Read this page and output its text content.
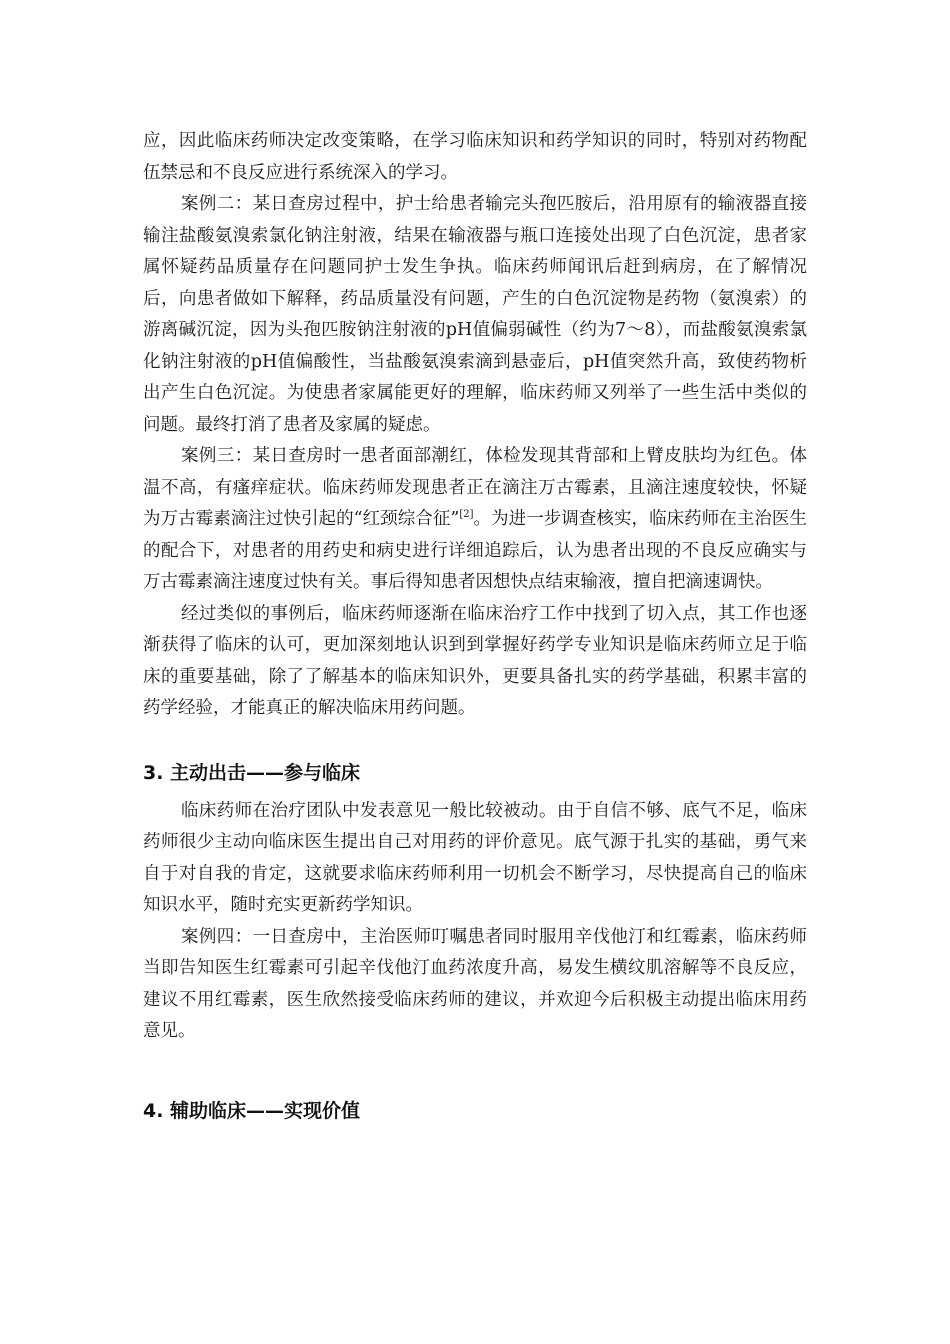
应，因此临床药师决定改变策略，在学习临床知识和药学知识的同时，特别对药物配伍禁忌和不良反应进行系统深入的学习。

案例二：某日查房过程中，护士给患者输完头孢匹胺后，沿用原有的输液器直接输注盐酸氨溴索氯化钠注射液，结果在输液器与瓶口连接处出现了白色沉淀，患者家属怀疑药品质量存在问题同护士发生争执。临床药师闻讯后赶到病房，在了解情况后，向患者做如下解释，药品质量没有问题，产生的白色沉淀物是药物（氨溴索）的游离碱沉淀，因为头孢匹胺钠注射液的pH值偏弱碱性（约为7～8），而盐酸氨溴索氯化钠注射液的pH值偏酸性，当盐酸氨溴索滴到悬壶后，pH值突然升高，致使药物析出产生白色沉淀。为使患者家属能更好的理解，临床药师又列举了一些生活中类似的问题。最终打消了患者及家属的疑虑。

案例三：某日查房时一患者面部潮红，体检发现其背部和上臂皮肤均为红色。体温不高，有瘙痒症状。临床药师发现患者正在滴注万古霉素，且滴注速度较快，怀疑为万古霉素滴注过快引起的“红颈综合征”[2]。为进一步调查核实，临床药师在主治医生的配合下，对患者的用药史和病史进行详细追踪后，认为患者出现的不良反应确实与万古霉素滴注速度过快有关。事后得知患者因想快点结束输液，擅自把滴速调快。

经过类似的事例后，临床药师逐渐在临床治疗工作中找到了切入点，其工作也逐渐获得了临床的认可，更加深刻地认识到到掌握好药学专业知识是临床药师立足于临床的重要基础，除了了解基本的临床知识外，更要具备扎实的药学基础，积累丰富的药学经验，才能真正的解决临床用药问题。

3. 主动出击——参与临床

临床药师在治疗团队中发表意见一般比较被动。由于自信不够、底气不足，临床药师很少主动向临床医生提出自己对用药的评价意见。底气源于扎实的基础，勇气来自于对自我的肯定，这就要求临床药师利用一切机会不断学习，尽快提高自己的临床知识水平，随时充实更新药学知识。

案例四：一日查房中，主治医师叮嘱患者同时服用辛伐他汀和红霉素，临床药师当即告知医生红霉素可引起辛伐他汀血药浓度升高，易发生横纹肌溶解等不良反应，建议不用红霉素，医生欣然接受临床药师的建议，并欢迎今后积极主动提出临床用药意见。

4. 辅助临床——实现价值
